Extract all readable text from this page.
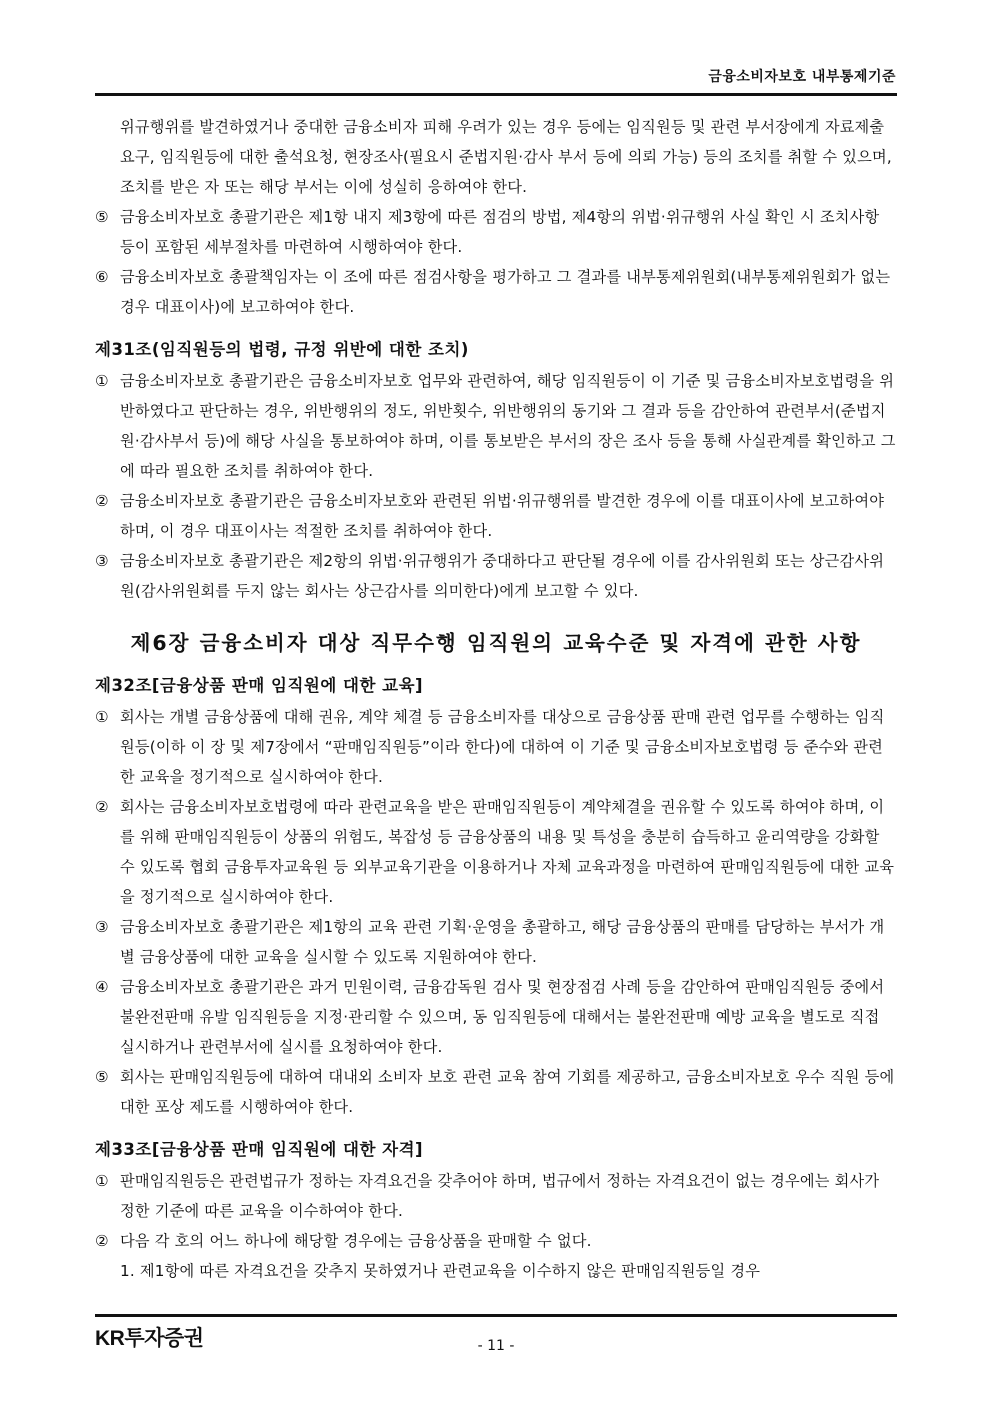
금융소비자보호 내부통제기준
위규행위를 발견하였거나 중대한 금융소비자 피해 우려가 있는 경우 등에는 임직원등 및 관련 부서장에게 자료제출 요구, 임직원등에 대한 출석요청, 현장조사(필요시 준법지원·감사 부서 등에 의뢰 가능) 등의 조치를 취할 수 있으며, 조치를 받은 자 또는 해당 부서는 이에 성실히 응하여야 한다.
⑤ 금융소비자보호 총괄기관은 제1항 내지 제3항에 따른 점검의 방법, 제4항의 위법·위규행위 사실 확인 시 조치사항 등이 포함된 세부절차를 마련하여 시행하여야 한다.
⑥ 금융소비자보호 총괄책임자는 이 조에 따른 점검사항을 평가하고 그 결과를 내부통제위원회(내부통제위원회가 없는 경우 대표이사)에 보고하여야 한다.
제31조(임직원등의 법령, 규정 위반에 대한 조치)
① 금융소비자보호 총괄기관은 금융소비자보호 업무와 관련하여, 해당 임직원등이 이 기준 및 금융소비자보호법령을 위반하였다고 판단하는 경우, 위반행위의 정도, 위반횟수, 위반행위의 동기와 그 결과 등을 감안하여 관련부서(준법지원·감사부서 등)에 해당 사실을 통보하여야 하며, 이를 통보받은 부서의 장은 조사 등을 통해 사실관계를 확인하고 그에 따라 필요한 조치를 취하여야 한다.
② 금융소비자보호 총괄기관은 금융소비자보호와 관련된 위법·위규행위를 발견한 경우에 이를 대표이사에 보고하여야 하며, 이 경우 대표이사는 적절한 조치를 취하여야 한다.
③ 금융소비자보호 총괄기관은 제2항의 위법·위규행위가 중대하다고 판단될 경우에 이를 감사위원회 또는 상근감사위원(감사위원회를 두지 않는 회사는 상근감사를 의미한다)에게 보고할 수 있다.
제6장 금융소비자 대상 직무수행 임직원의 교육수준 및 자격에 관한 사항
제32조[금융상품 판매 임직원에 대한 교육]
① 회사는 개별 금융상품에 대해 권유, 계약 체결 등 금융소비자를 대상으로 금융상품 판매 관련 업무를 수행하는 임직원등(이하 이 장 및 제7장에서 “판매임직원등”이라 한다)에 대하여 이 기준 및 금융소비자보호법령 등 준수와 관련한 교육을 정기적으로 실시하여야 한다.
② 회사는 금융소비자보호법령에 따라 관련교육을 받은 판매임직원등이 계약체결을 권유할 수 있도록 하여야 하며, 이를 위해 판매임직원등이 상품의 위험도, 복잡성 등 금융상품의 내용 및 특성을 충분히 습득하고 윤리역량을 강화할 수 있도록 협회 금융투자교육원 등 외부교육기관을 이용하거나 자체 교육과정을 마련하여 판매임직원등에 대한 교육을 정기적으로 실시하여야 한다.
③ 금융소비자보호 총괄기관은 제1항의 교육 관련 기획·운영을 총괄하고, 해당 금융상품의 판매를 담당하는 부서가 개별 금융상품에 대한 교육을 실시할 수 있도록 지원하여야 한다.
④ 금융소비자보호 총괄기관은 과거 민원이력, 금융감독원 검사 및 현장점검 사례 등을 감안하여 판매임직원등 중에서 불완전판매 유발 임직원등을 지정·관리할 수 있으며, 동 임직원등에 대해서는 불완전판매 예방 교육을 별도로 직접 실시하거나 관련부서에 실시를 요청하여야 한다.
⑤ 회사는 판매임직원등에 대하여 대내외 소비자 보호 관련 교육 참여 기회를 제공하고, 금융소비자보호 우수 직원 등에 대한 포상 제도를 시행하여야 한다.
제33조[금융상품 판매 임직원에 대한 자격]
① 판매임직원등은 관련법규가 정하는 자격요건을 갖추어야 하며, 법규에서 정하는 자격요건이 없는 경우에는 회사가 정한 기준에 따른 교육을 이수하여야 한다.
② 다음 각 호의 어느 하나에 해당할 경우에는 금융상품을 판매할 수 없다.
1. 제1항에 따른 자격요건을 갖추지 못하였거나 관련교육을 이수하지 않은 판매임직원등일 경우
KR투자증권	- 11 -
